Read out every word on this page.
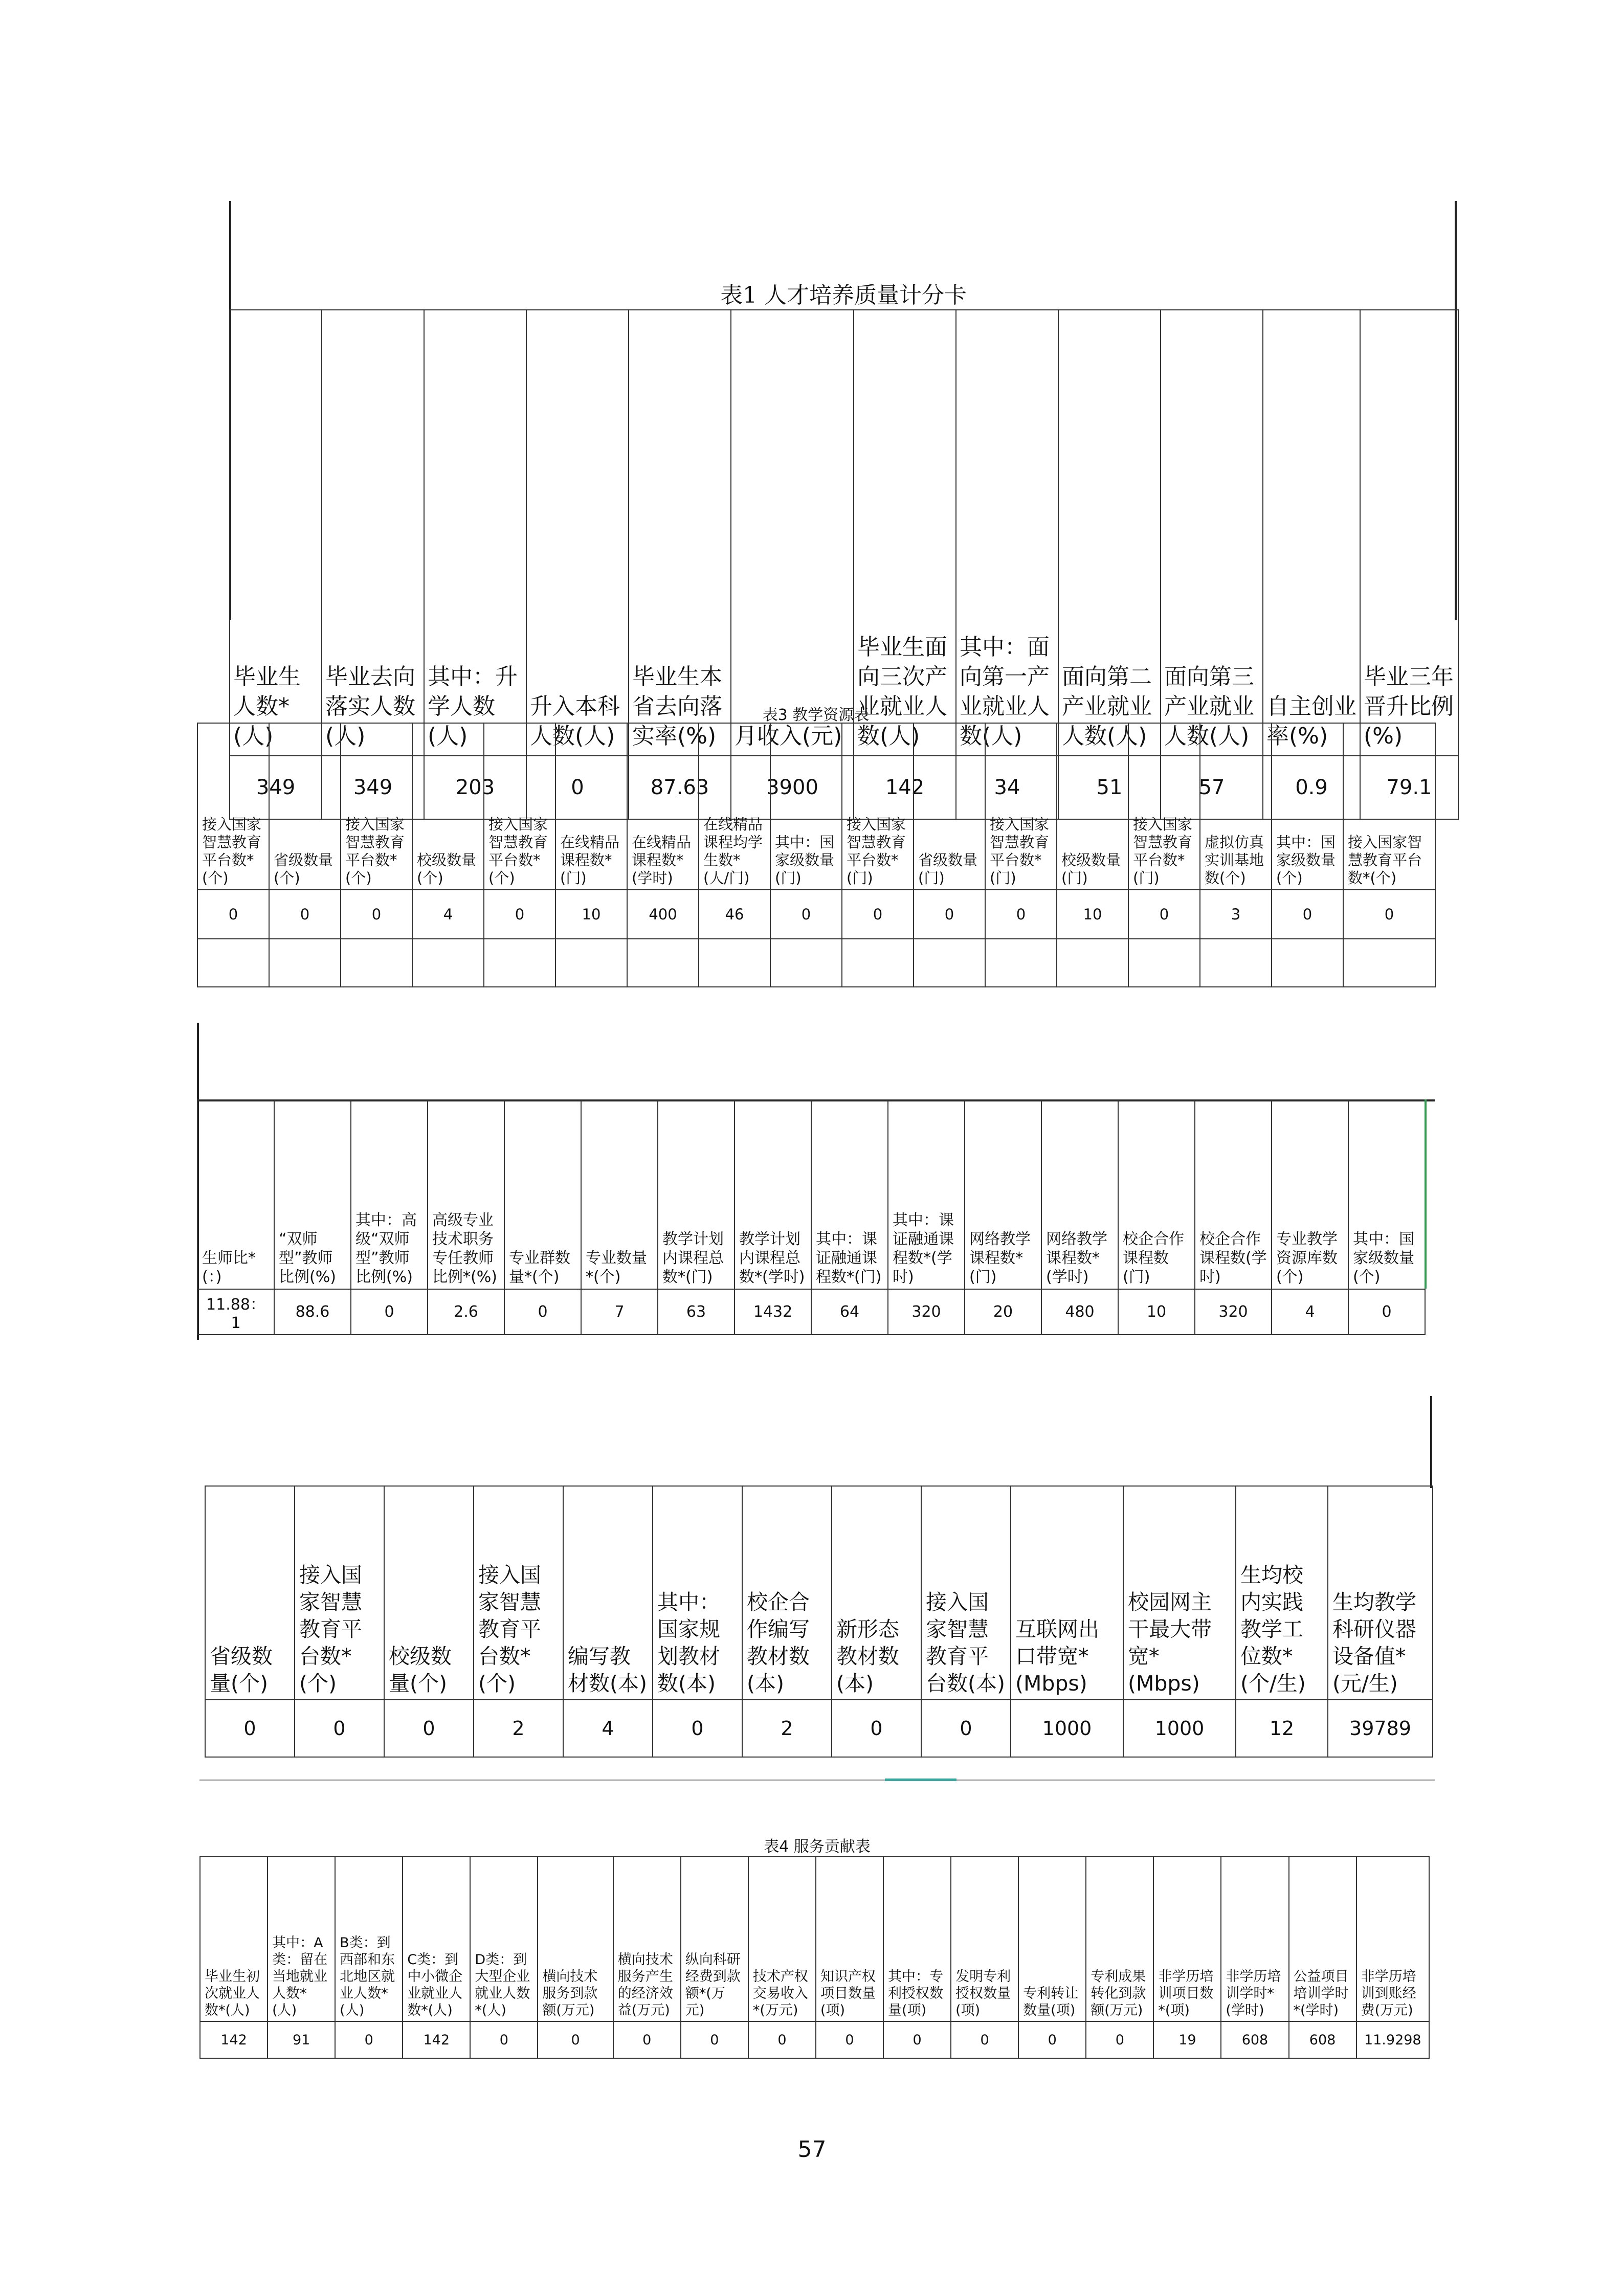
表1 人才培养质量计分卡
毕业生人数*(人)	毕业去向落实人数(人)	其中：升学人数(人)	升入本科人数(人)	毕业生本省去向落实率(%)	月收入(元)	毕业生面向三次产业就业人数(人)	其中：面向第一产业就业人数(人)	面向第二产业就业人数(人)	面向第三产业就业人数(人)	自主创业率(%)	毕业三年晋升比例(%)
349	349	203	0	87.63	3900	142	34	51	57	0.9	79.1
表3 教学资源表
接入国家智慧教育平台数*(个)	省级数量(个)	接入国家智慧教育平台数*(个)	校级数量(个)	接入国家智慧教育平台数*(个)	在线精品课程数*(门)	在线精品课程数*(学时)	在线精品课程均学生数*(人/门)	其中：国家级数量(门)	接入国家智慧教育平台数*(门)	省级数量(门)	接入国家智慧教育平台数*(门)	校级数量(门)	接入国家智慧教育平台数*(门)	虚拟仿真实训基地数(个)	其中：国家级数量(个)	接入国家智慧教育平台数*(个)
0	0	0	4	0	10	400	46	0	0	0	0	10	0	3	0	0

生师比*(：)	“双师型”教师比例(%)	其中：高级“双师型”教师比例(%)	高级专业技术职务专任教师比例*(%)	专业群数量*(个)	专业数量*(个)	教学计划内课程总数*(门)	教学计划内课程总数*(学时)	其中：课证融通课程数*(门)	其中：课证融通课程数*(学时)	网络教学课程数*(门)	网络教学课程数*(学时)	校企合作课程数(门)	校企合作课程数(学时)	专业教学资源库数(个)	其中：国家级数量(个)
11.88：1	88.6	0	2.6	0	7	63	1432	64	320	20	480	10	320	4	0
省级数量(个)	接入国家智慧教育平台数*(个)	校级数量(个)	接入国家智慧教育平台数*(个)	编写教材数(本)	其中：国家规划教材数(本)	校企合作编写教材数(本)	新形态教材数(本)	接入国家智慧教育平台数(本)	互联网出口带宽*(Mbps)	校园网主干最大带宽*(Mbps)	生均校内实践教学工位数*(个/生)	生均教学科研仪器设备值*(元/生)
0	0	0	2	4	0	2	0	0	1000	1000	12	39789
表4 服务贡献表
毕业生初次就业人数*(人)	其中：A类：留在当地就业人数*(人)	B类：到西部和东北地区就业人数*(人)	C类：到中小微企业就业人数*(人)	D类：到大型企业就业人数*(人)	横向技术服务到款额(万元)	横向技术服务产生的经济效益(万元)	纵向科研经费到款额*(万元)	技术产权交易收入*(万元)	知识产权项目数量(项)	其中：专利授权数量(项)	发明专利授权数量(项)	专利转让数量(项)	专利成果转化到款额(万元)	非学历培训项目数*(项)	非学历培训学时*(学时)	公益项目培训学时*(学时)	非学历培训到账经费(万元)
142	91	0	142	0	0	0	0	0	0	0	0	0	0	19	608	608	11.9298
57
